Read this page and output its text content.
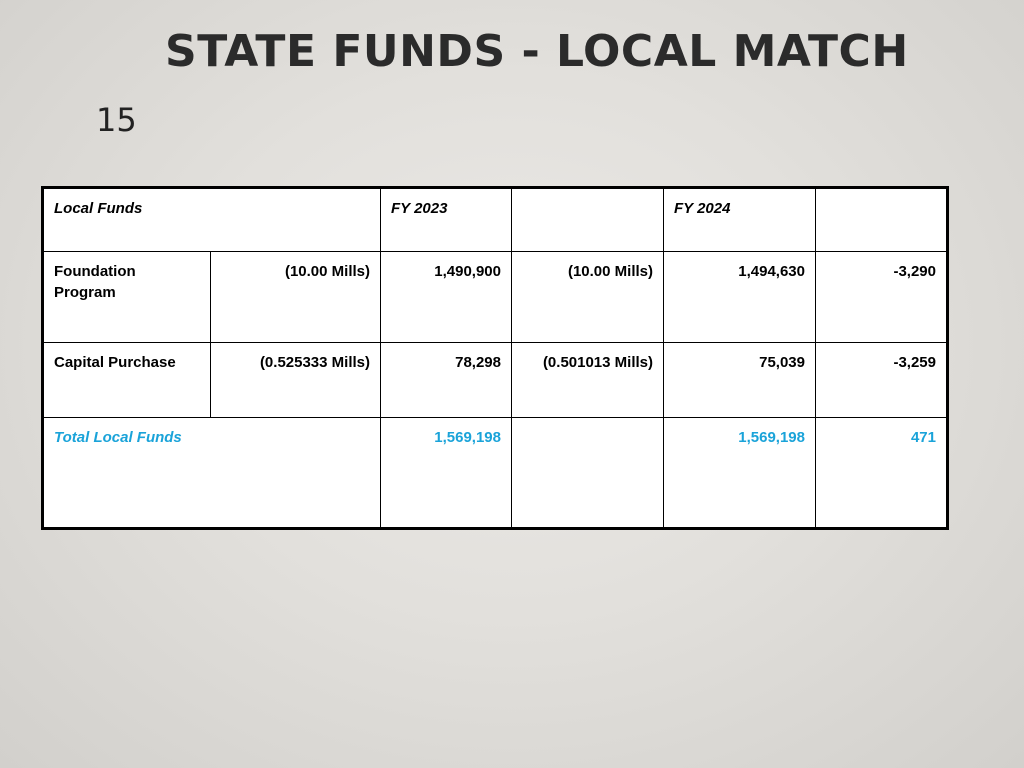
STATE FUNDS - LOCAL MATCH
15
Local Funds		FY 2023		FY 2024	
Foundation Program	(10.00 Mills)	1,490,900	(10.00 Mills)	1,494,630	-3,290
Capital Purchase	(0.525333 Mills)	78,298	(0.501013 Mills)	75,039	-3,259
Total Local Funds		1,569,198		1,569,198	471
